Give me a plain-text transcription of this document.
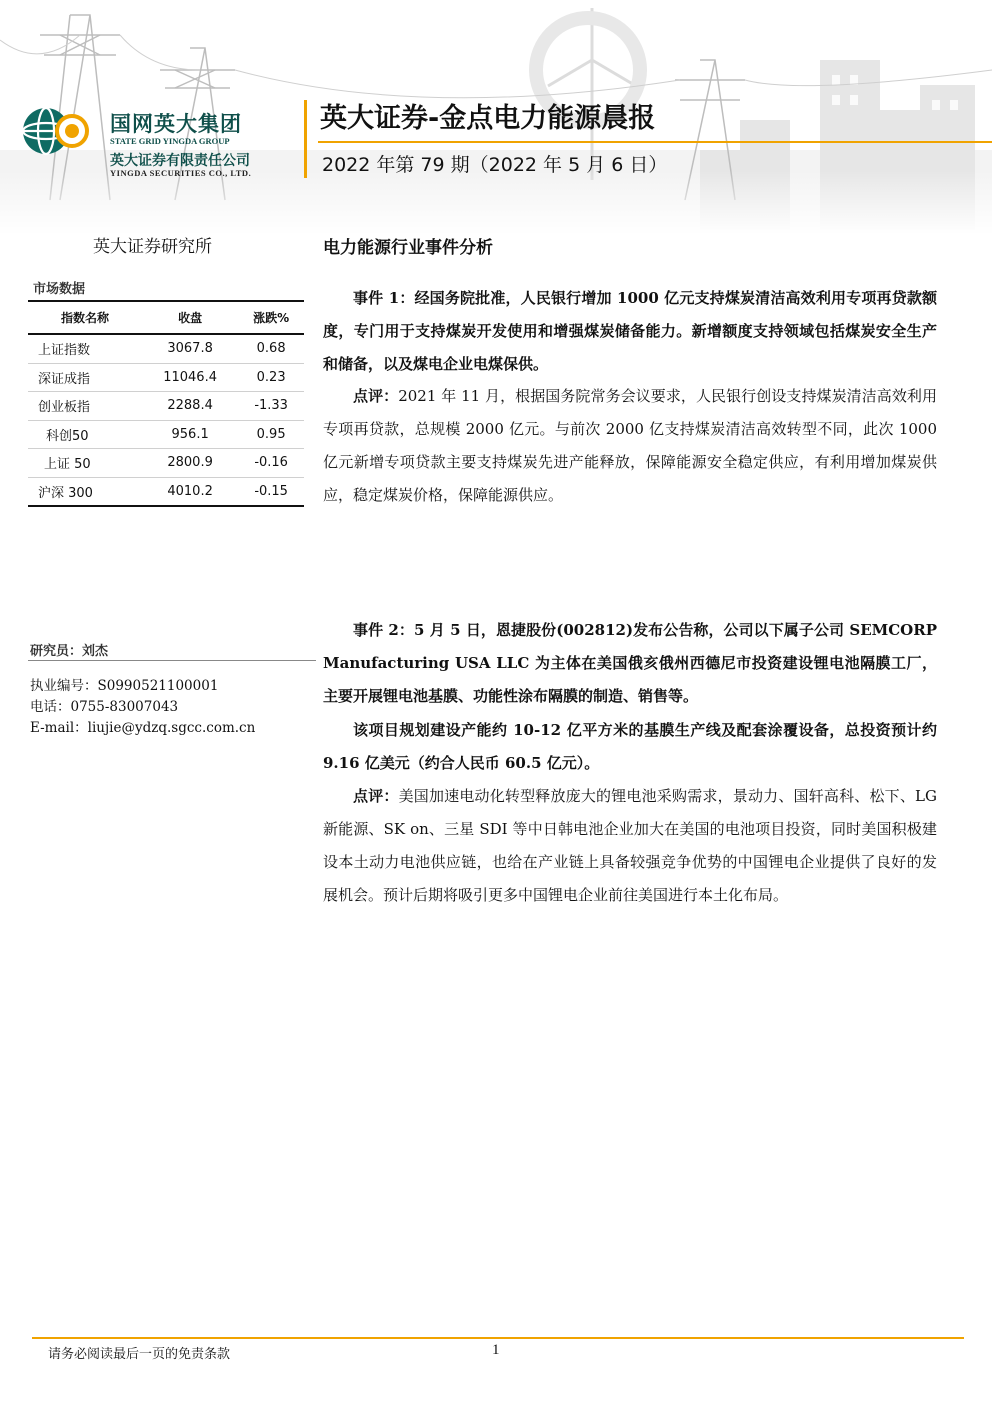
国网英大集团
STATE GRID YINGDA GROUP
英大证券有限责任公司
YINGDA SECURITIES CO., LTD.
英大证券-金点电力能源晨报
2022 年第 79 期（2022 年 5 月 6 日）
英大证券研究所	电力能源行业事件分析
市场数据
指数名称	收盘	涨跌%
上证指数	3067.8	0.68
深证成指	11046.4	0.23
创业板指	2288.4	-1.33
科创50	956.1	0.95
上证 50	2800.9	-0.16
沪深 300	4010.2	-0.15
研究员：刘杰
执业编号：S0990521100001
电话：0755-83007043
E-mail：liujie@ydzq.sgcc.com.cn

事件 1：经国务院批准，人民银行增加 1000 亿元支持煤炭清洁高效利用专项再贷款额度，专门用于支持煤炭开发使用和增强煤炭储备能力。新增额度支持领域包括煤炭安全生产和储备，以及煤电企业电煤保供。

点评：2021 年 11 月，根据国务院常务会议要求，人民银行创设支持煤炭清洁高效利用专项再贷款，总规模 2000 亿元。与前次 2000 亿支持煤炭清洁高效转型不同，此次 1000 亿元新增专项贷款主要支持煤炭先进产能释放，保障能源安全稳定供应，有利用增加煤炭供应，稳定煤炭价格，保障能源供应。

事件 2：5 月 5 日，恩捷股份(002812)发布公告称，公司以下属子公司 SEMCORP Manufacturing USA LLC 为主体在美国俄亥俄州西德尼市投资建设锂电池隔膜工厂，主要开展锂电池基膜、功能性涂布隔膜的制造、销售等。

该项目规划建设产能约 10-12 亿平方米的基膜生产线及配套涂覆设备，总投资预计约 9.16 亿美元（约合人民币 60.5 亿元）。

点评：美国加速电动化转型释放庞大的锂电池采购需求，景动力、国轩高科、松下、LG 新能源、SK on、三星 SDI 等中日韩电池企业加大在美国的电池项目投资，同时美国积极建设本土动力电池供应链，也给在产业链上具备较强竞争优势的中国锂电企业提供了良好的发展机会。预计后期将吸引更多中国锂电企业前往美国进行本土化布局。

请务必阅读最后一页的免责条款	1
